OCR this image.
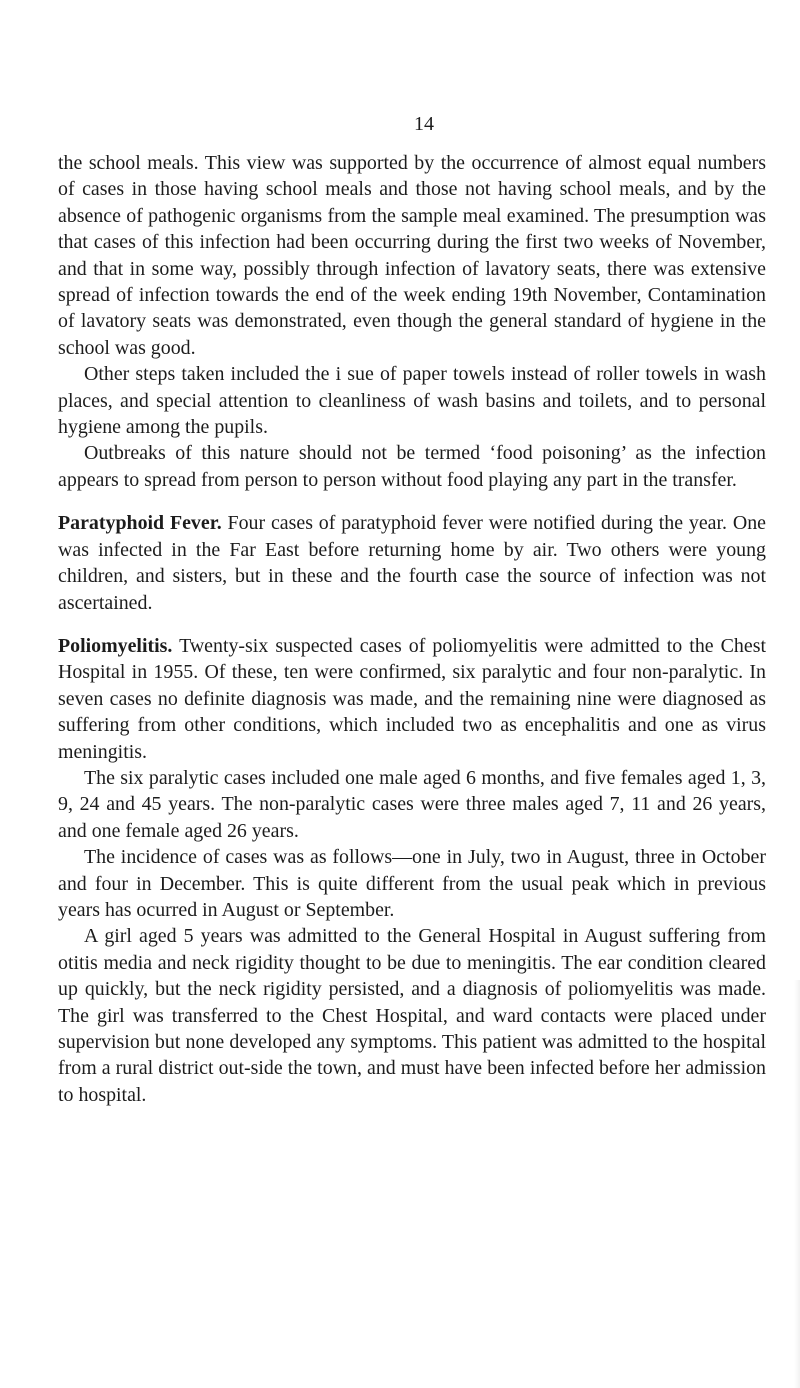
14

the school meals. This view was supported by the occurrence of almost equal numbers of cases in those having school meals and those not having school meals, and by the absence of pathogenic organisms from the sample meal examined. The presumption was that cases of this infection had been occurring during the first two weeks of November, and that in some way, possibly through infection of lavatory seats, there was extensive spread of infection towards the end of the week ending 19th November, Contamination of lavatory seats was demonstrated, even though the general standard of hygiene in the school was good.

Other steps taken included the i sue of paper towels instead of roller towels in wash places, and special attention to cleanliness of wash basins and toilets, and to personal hygiene among the pupils.

Outbreaks of this nature should not be termed ‘food poisoning’ as the infection appears to spread from person to person without food playing any part in the transfer.

Paratyphoid Fever. Four cases of paratyphoid fever were notified during the year. One was infected in the Far East before returning home by air. Two others were young children, and sisters, but in these and the fourth case the source of infection was not ascertained.

Poliomyelitis. Twenty-six suspected cases of poliomyelitis were admitted to the Chest Hospital in 1955. Of these, ten were confirmed, six paralytic and four non-paralytic. In seven cases no definite diagnosis was made, and the remaining nine were diagnosed as suffering from other conditions, which included two as encephalitis and one as virus meningitis.

The six paralytic cases included one male aged 6 months, and five females aged 1, 3, 9, 24 and 45 years. The non-paralytic cases were three males aged 7, 11 and 26 years, and one female aged 26 years.

The incidence of cases was as follows—one in July, two in August, three in October and four in December. This is quite different from the usual peak which in previous years has ocurred in August or September.

A girl aged 5 years was admitted to the General Hospital in August suffering from otitis media and neck rigidity thought to be due to meningitis. The ear condition cleared up quickly, but the neck rigidity persisted, and a diagnosis of poliomyelitis was made. The girl was transferred to the Chest Hospital, and ward contacts were placed under supervision but none developed any symptoms. This patient was admitted to the hospital from a rural district out-side the town, and must have been infected before her admission to hospital.
